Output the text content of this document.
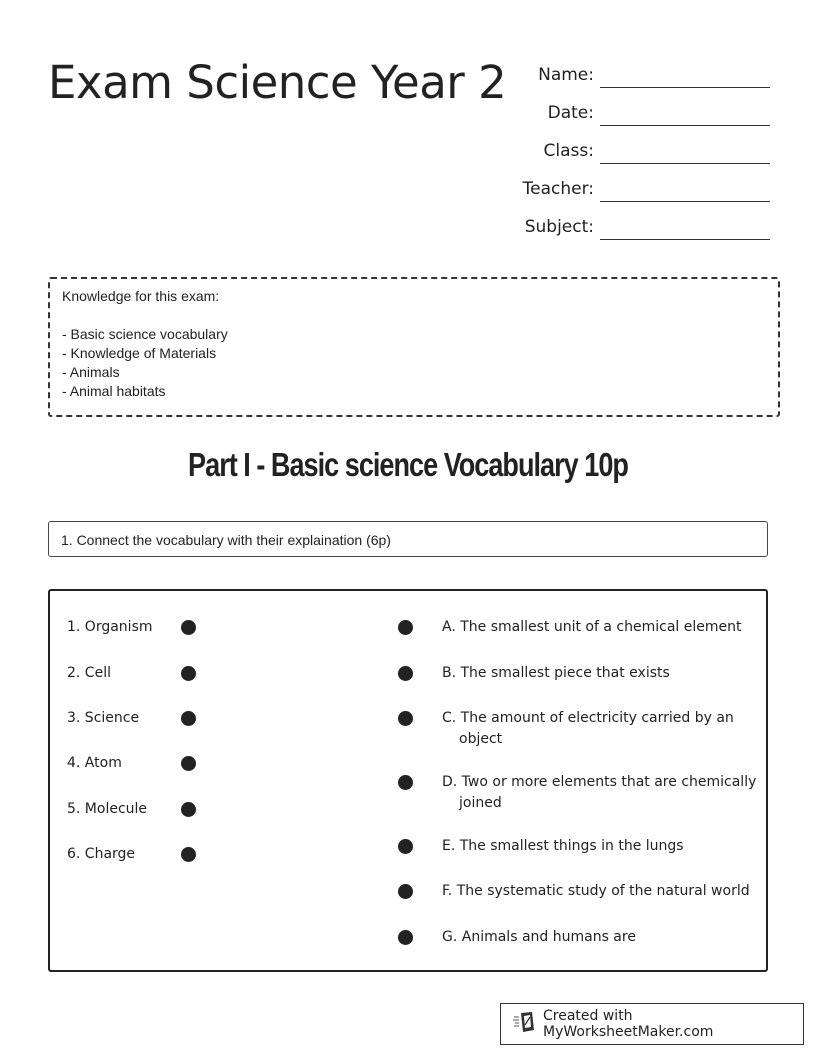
Exam Science Year 2	Name:
Date:
Class:
Teacher:
Subject:
Knowledge for this exam:
- Basic science vocabulary
- Knowledge of Materials
- Animals
- Animal habitats
Part I - Basic science Vocabulary 10p
1. Connect the vocabulary with their explaination (6p)
1. Organism
2. Cell
3. Science
4. Atom
5. Molecule
6. Charge
A. The smallest unit of a chemical element
B. The smallest piece that exists
C. The amount of electricity carried by an object
D. Two or more elements that are chemically joined
E. The smallest things in the lungs
F. The systematic study of the natural world
G. Animals and humans are
Created with MyWorksheetMaker.com
